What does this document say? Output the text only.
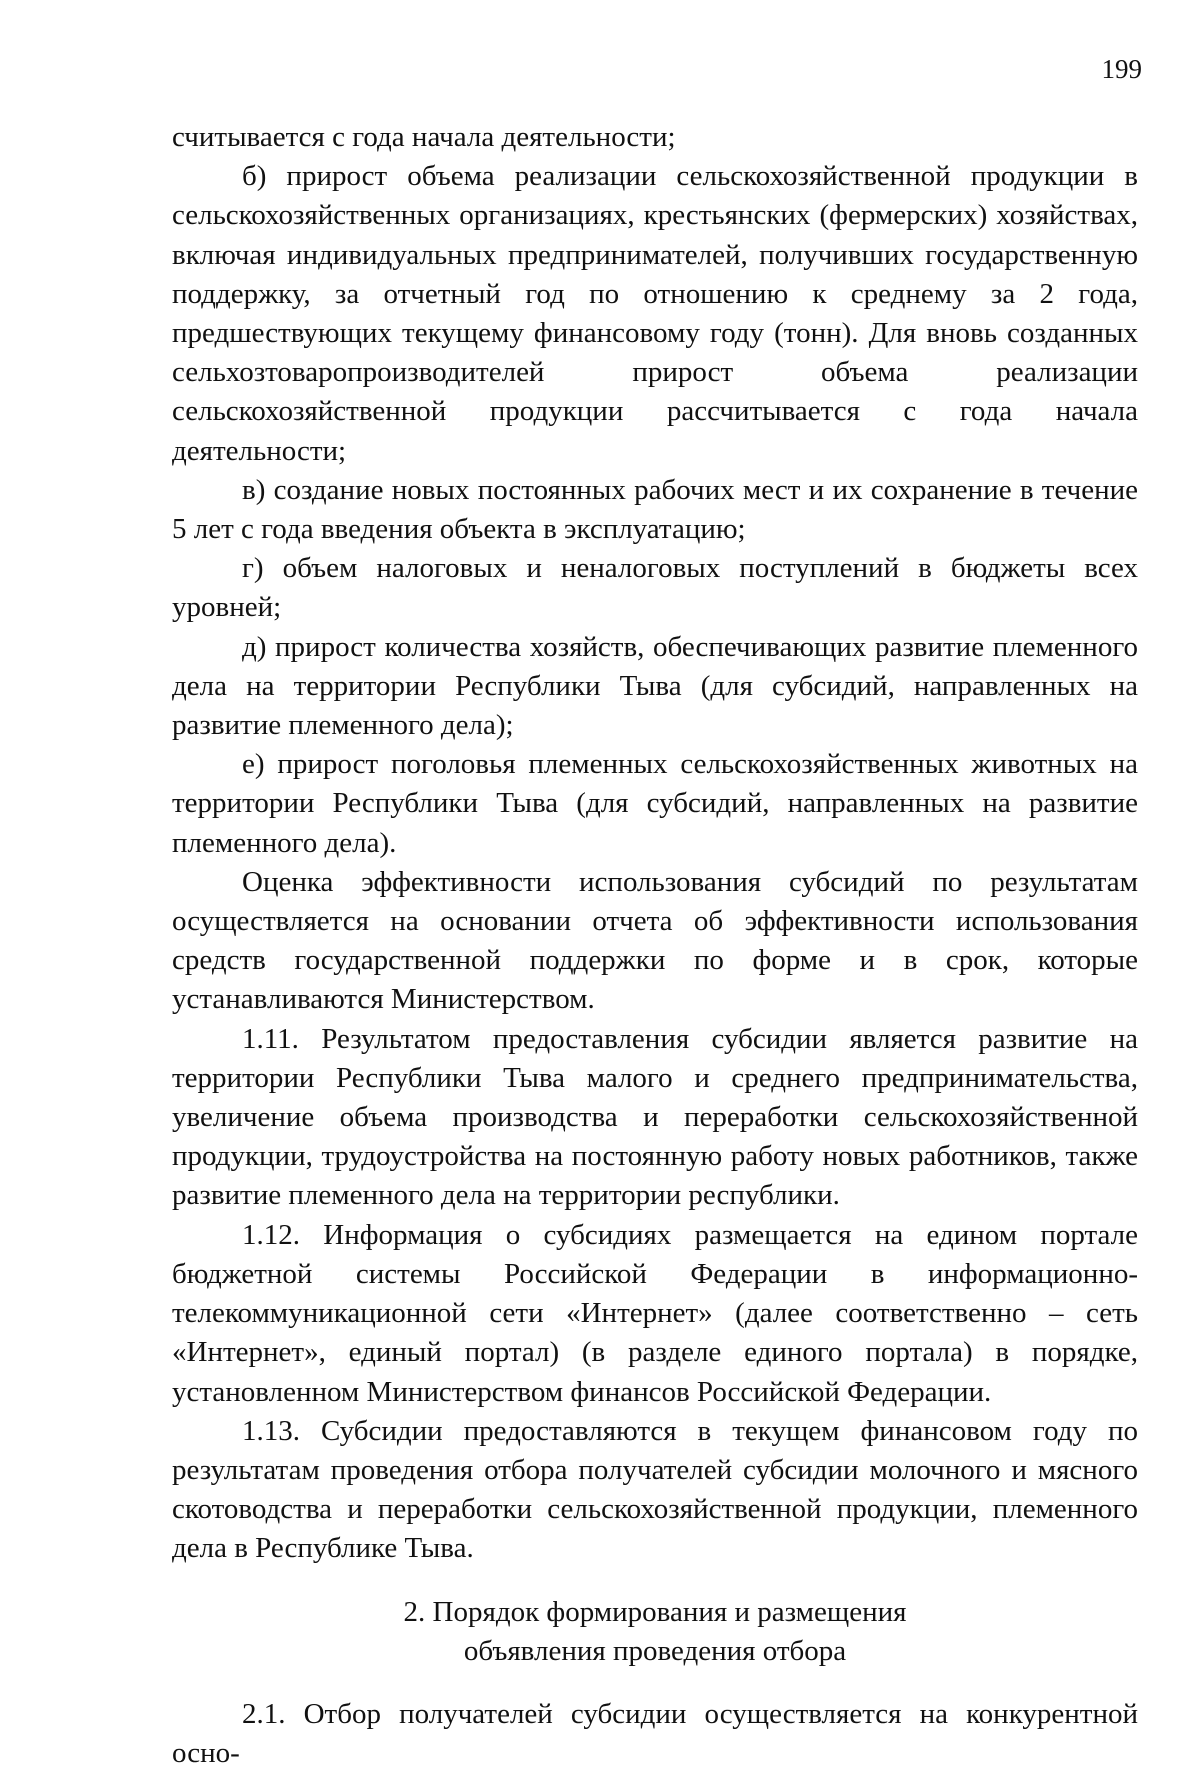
199

считывается с года начала деятельности;

б) прирост объема реализации сельскохозяйственной продукции в сельскохозяйственных организациях, крестьянских (фермерских) хозяйствах, включая индивидуальных предпринимателей, получивших государственную поддержку, за отчетный год по отношению к среднему за 2 года, предшествующих текущему финансовому году (тонн). Для вновь созданных сельхозтоваропроизводителей прирост объема реализации сельскохозяйственной продукции рассчитывается с года начала деятельности;

в) создание новых постоянных рабочих мест и их сохранение в течение 5 лет с года введения объекта в эксплуатацию;

г) объем налоговых и неналоговых поступлений в бюджеты всех уровней;

д) прирост количества хозяйств, обеспечивающих развитие племенного дела на территории Республики Тыва (для субсидий, направленных на развитие племенного дела);

е) прирост поголовья племенных сельскохозяйственных животных на территории Республики Тыва (для субсидий, направленных на развитие племенного дела).

Оценка эффективности использования субсидий по результатам осуществляется на основании отчета об эффективности использования средств государственной поддержки по форме и в срок, которые устанавливаются Министерством.

1.11. Результатом предоставления субсидии является развитие на территории Республики Тыва малого и среднего предпринимательства, увеличение объема производства и переработки сельскохозяйственной продукции, трудоустройства на постоянную работу новых работников, также развитие племенного дела на территории республики.

1.12. Информация о субсидиях размещается на едином портале бюджетной системы Российской Федерации в информационно-телекоммуникационной сети «Интернет» (далее соответственно – сеть «Интернет», единый портал) (в разделе единого портала) в порядке, установленном Министерством финансов Российской Федерации.

1.13. Субсидии предоставляются в текущем финансовом году по результатам проведения отбора получателей субсидии молочного и мясного скотоводства и переработки сельскохозяйственной продукции, племенного дела в Республике Тыва.

2. Порядок формирования и размещения
объявления проведения отбора

2.1. Отбор получателей субсидии осуществляется на конкурентной осно-
